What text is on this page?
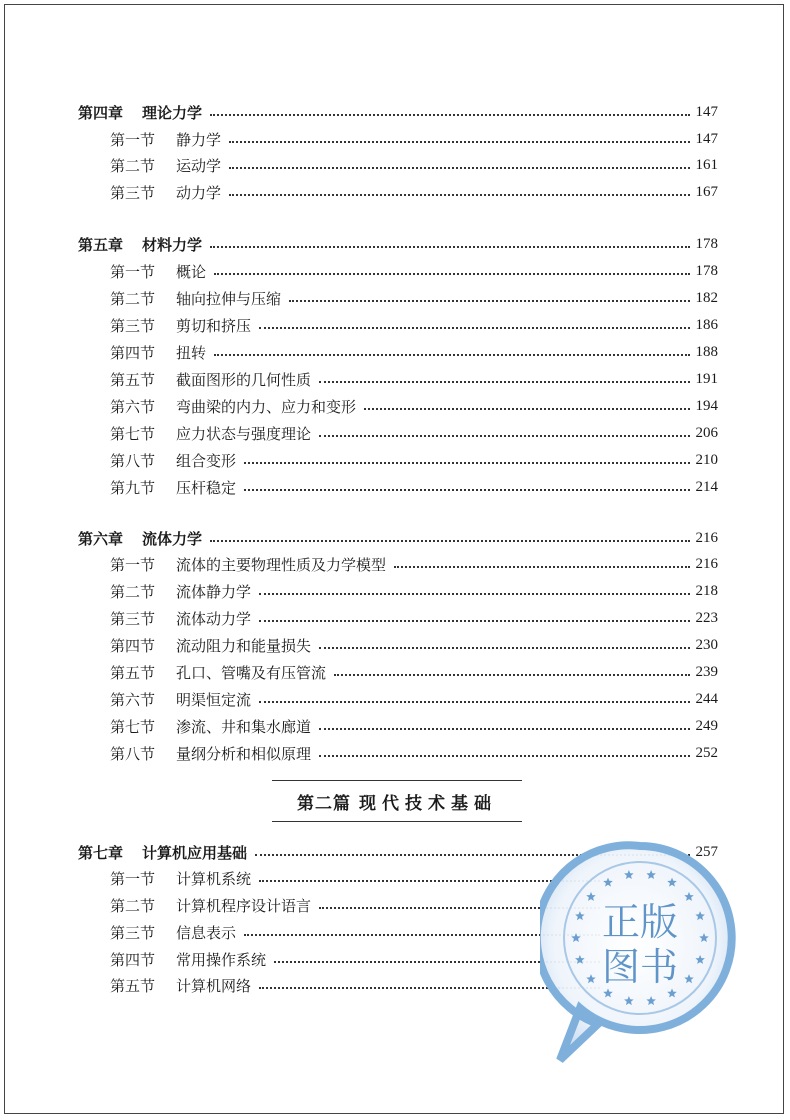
第四章 理论力学	147
第一节 静力学	147
第二节 运动学	161
第三节 动力学	167
第五章 材料力学	178
第一节 概论	178
第二节 轴向拉伸与压缩	182
第三节 剪切和挤压	186
第四节 扭转	188
第五节 截面图形的几何性质	191
第六节 弯曲梁的内力、应力和变形	194
第七节 应力状态与强度理论	206
第八节 组合变形	210
第九节 压杆稳定	214
第六章 流体力学	216
第一节 流体的主要物理性质及力学模型	216
第二节 流体静力学	218
第三节 流体动力学	223
第四节 流动阻力和能量损失	230
第五节 孔口、管嘴及有压管流	239
第六节 明渠恒定流	244
第七节 渗流、井和集水廊道	249
第八节 量纲分析和相似原理	252
第七章 计算机应用基础	257
第一节 计算机系统
第二节 计算机程序设计语言
第三节 信息表示
第四节 常用操作系统
第五节 计算机网络
第二篇 现代技术基础
正版
图书
